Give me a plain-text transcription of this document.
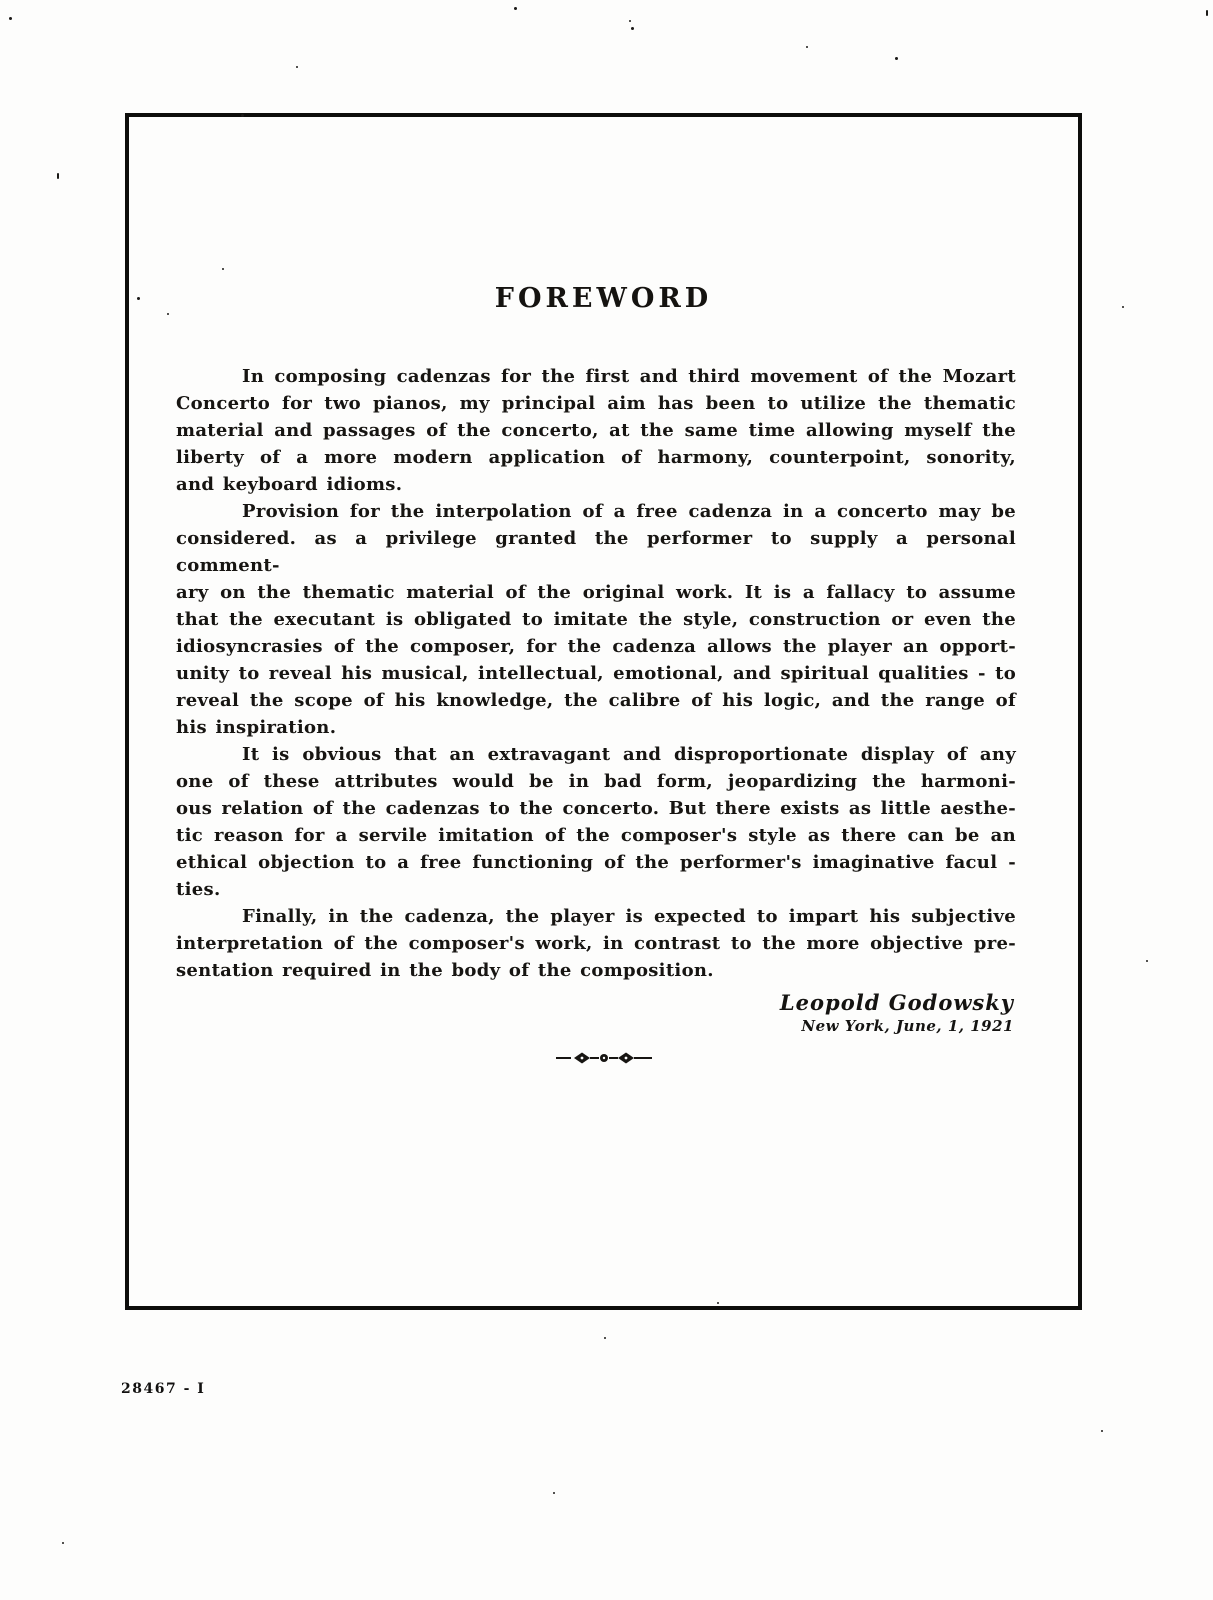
FOREWORD
In composing cadenzas for the first and third movement of the Mozart
Concerto for two pianos, my principal aim has been to utilize the thematic
material and passages of the concerto, at the same time allowing myself the
liberty of a more modern application of harmony, counterpoint, sonority,
and keyboard idioms.
Provision for the interpolation of a free cadenza in a concerto may be
considered. as a privilege granted the performer to supply a personal comment-
ary on the thematic material of the original work. It is a fallacy to assume
that the executant is obligated to imitate the style, construction or even the
idiosyncrasies of the composer, for the cadenza allows the player an opport-
unity to reveal his musical, intellectual, emotional, and spiritual qualities - to
reveal the scope of his knowledge, the calibre of his logic, and the range of
his inspiration.
It is obvious that an extravagant and disproportionate display of any
one of these attributes would be in bad form, jeopardizing the harmoni-
ous relation of the cadenzas to the concerto. But there exists as little aesthe-
tic reason for a servile imitation of the composer's style as there can be an
ethical objection to a free functioning of the performer's imaginative facul -
ties.
Finally, in the cadenza, the player is expected to impart his subjective
interpretation of the composer's work, in contrast to the more objective pre-
sentation required in the body of the composition.
Leopold Godowsky
New York, June, 1, 1921
28467 - I
